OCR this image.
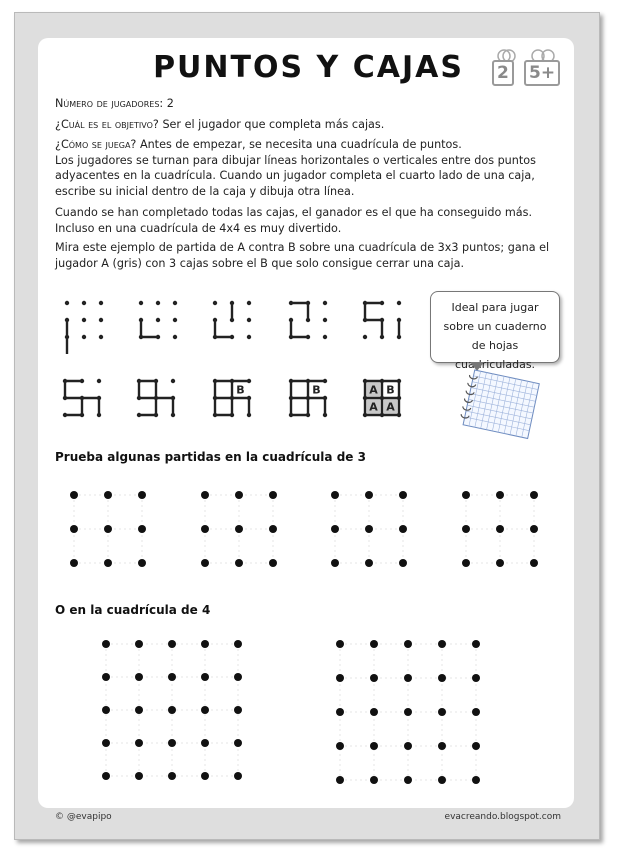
PUNTOS Y CAJAS	2 5+

Número de jugadores: 2

¿Cuál es el objetivo? Ser el jugador que completa más cajas.

¿Cómo se juega? Antes de empezar, se necesita una cuadrícula de puntos.

Los jugadores se turnan para dibujar líneas horizontales o verticales entre dos puntos adyacentes en la cuadrícula. Cuando un jugador completa el cuarto lado de una caja, escribe su inicial dentro de la caja y dibuja otra línea.

Cuando se han completado todas las cajas, el ganador es el que ha conseguido más. Incluso en una cuadrícula de 4x4 es muy divertido.
Mira este ejemplo de partida de A contra B sobre una cuadrícula de 3x3 puntos; gana el jugador A (gris) con 3 cajas sobre el B que solo consigue cerrar una caja.
B	B	A B
A A
Ideal para jugar
sobre un cuaderno
de hojas cuadriculadas.
Prueba algunas partidas en la cuadrícula de 3
O en la cuadrícula de 4
© @evapipo	evacreando.blogspot.com
